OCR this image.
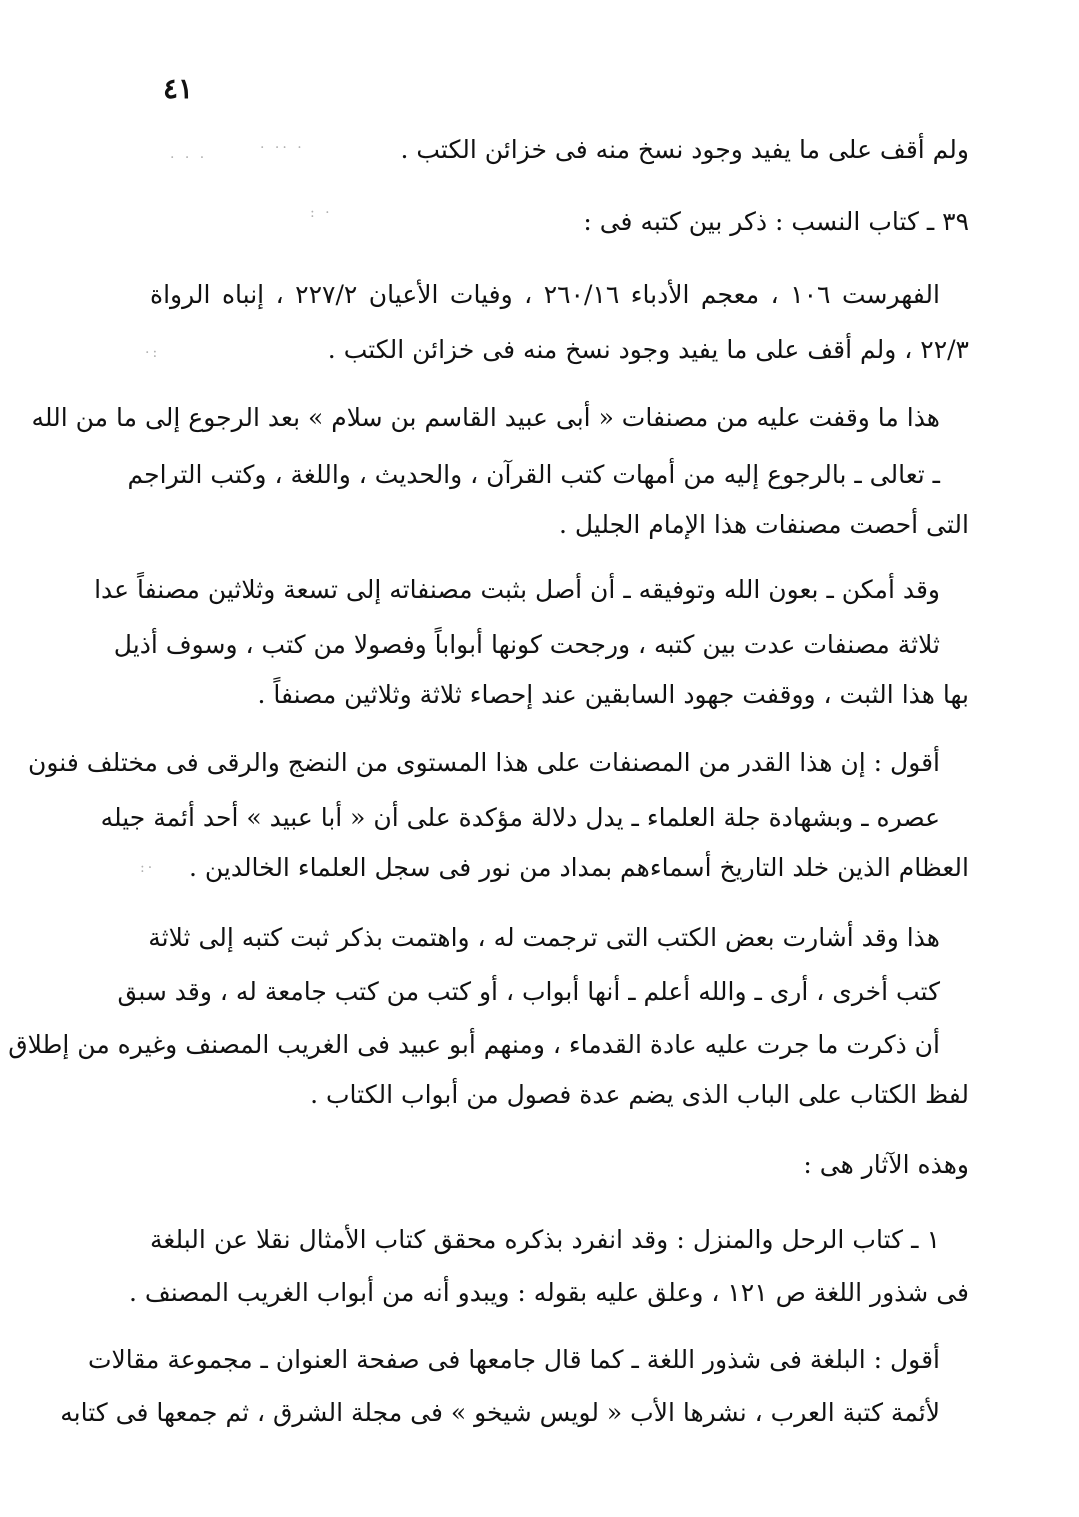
٤١
· · ·
· ·· ·
: ·
·:
:·
ولم أقف على ما يفيد وجود نسخ منه فى خزائن الكتب .
٣٩ ـ كتاب النسب : ذكر بين كتبه فى :
الفهرست ١٠٦ ، معجم الأدباء ٢٦٠/١٦ ، وفيات الأعيان ٢٢٧/٢ ، إنباه الرواة
٢٢/٣ ، ولم أقف على ما يفيد وجود نسخ منه فى خزائن الكتب .
هذا ما وقفت عليه من مصنفات « أبى عبيد القاسم بن سلام » بعد الرجوع إلى ما من الله
ـ تعالى ـ بالرجوع إليه من أمهات كتب القرآن ، والحديث ، واللغة ، وكتب التراجم
التى أحصت مصنفات هذا الإمام الجليل .
وقد أمكن ـ بعون الله وتوفيقه ـ أن أصل بثبت مصنفاته إلى تسعة وثلاثين مصنفاً عدا
ثلاثة مصنفات عدت بين كتبه ، ورجحت كونها أبواباً وفصولا من كتب ، وسوف أذيل
بها هذا الثبت ، ووقفت جهود السابقين عند إحصاء ثلاثة وثلاثين مصنفاً .
أقول : إن هذا القدر من المصنفات على هذا المستوى من النضج والرقى فى مختلف فنون
عصره ـ وبشهادة جلة العلماء ـ يدل دلالة مؤكدة على أن « أبا عبيد » أحد أئمة جيله
العظام الذين خلد التاريخ أسماءهم بمداد من نور فى سجل العلماء الخالدين .
هذا وقد أشارت بعض الكتب التى ترجمت له ، واهتمت بذكر ثبت كتبه إلى ثلاثة
كتب أخرى ، أرى ـ والله أعلم ـ أنها أبواب ، أو كتب من كتب جامعة له ، وقد سبق
أن ذكرت ما جرت عليه عادة القدماء ، ومنهم أبو عبيد فى الغريب المصنف وغيره من إطلاق
لفظ الكتاب على الباب الذى يضم عدة فصول من أبواب الكتاب .
وهذه الآثار هى :
١ ـ كتاب الرحل والمنزل : وقد انفرد بذكره محقق كتاب الأمثال نقلا عن البلغة
فى شذور اللغة ص ١٢١ ، وعلق عليه بقوله : ويبدو أنه من أبواب الغريب المصنف .
أقول : البلغة فى شذور اللغة ـ كما قال جامعها فى صفحة العنوان ـ مجموعة مقالات
لأئمة كتبة العرب ، نشرها الأب « لويس شيخو » فى مجلة الشرق ، ثم جمعها فى كتابه
